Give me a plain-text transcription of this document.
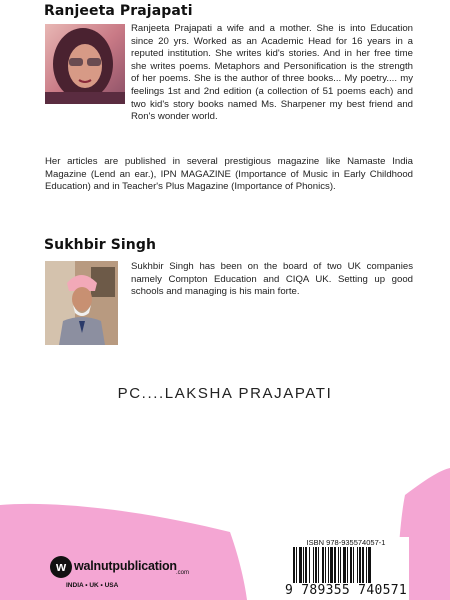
Ranjeeta Prajapati

Ranjeeta Prajapati a wife and a mother. She is into Education since 20 yrs. Worked as an Academic Head for 16 years in a reputed institution. She writes kid's stories. And in her free time she writes poems. Metaphors and Personification is the strength of her poems. She is the author of three books... My poetry.... my feelings 1st and 2nd edition (a collection of 51 poems each) and two kid's story books named Ms. Sharpener my best friend and Ron's wonder world.

Her articles are published in several prestigious magazine like Namaste India Magazine (Lend an ear.), IPN MAGAZINE (Importance of Music in Early Childhood Education) and in Teacher's Plus Magazine (Importance of Phonics).

Sukhbir Singh

Sukhbir Singh has been on the board of two UK companies namely Compton Education and CIQA UK. Setting up good schools and managing is his main forte.

PC....LAKSHA PRAJAPATI
w walnutpublication .com
INDIA • UK • USA
ISBN 978-935574057-1
9 789355 740571
